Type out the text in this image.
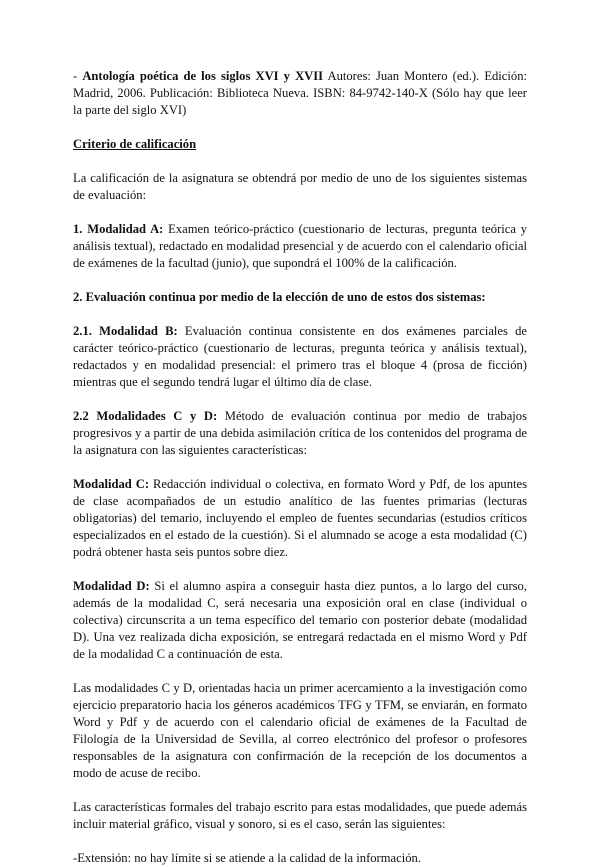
- Antología poética de los siglos XVI y XVII Autores: Juan Montero (ed.). Edición: Madrid, 2006. Publicación: Biblioteca Nueva. ISBN: 84-9742-140-X (Sólo hay que leer la parte del siglo XVI)

Criterio de calificación

La calificación de la asignatura se obtendrá por medio de uno de los siguientes sistemas de evaluación:

1. Modalidad A: Examen teórico-práctico (cuestionario de lecturas, pregunta teórica y análisis textual), redactado en modalidad presencial y de acuerdo con el calendario oficial de exámenes de la facultad (junio), que supondrá el 100% de la calificación.

2. Evaluación continua por medio de la elección de uno de estos dos sistemas:

2.1. Modalidad B: Evaluación continua consistente en dos exámenes parciales de carácter teórico-práctico (cuestionario de lecturas, pregunta teórica y análisis textual), redactados y en modalidad presencial: el primero tras el bloque 4 (prosa de ficción) mientras que el segundo tendrá lugar el último día de clase.

2.2 Modalidades C y D: Método de evaluación continua por medio de trabajos progresivos y a partir de una debida asimilación crítica de los contenidos del programa de la asignatura con las siguientes características:

Modalidad C: Redacción individual o colectiva, en formato Word y Pdf, de los apuntes de clase acompañados de un estudio analítico de las fuentes primarias (lecturas obligatorias) del temario, incluyendo el empleo de fuentes secundarias (estudios críticos especializados en el estado de la cuestión). Si el alumnado se acoge a esta modalidad (C) podrá obtener hasta seis puntos sobre diez.

Modalidad D: Si el alumno aspira a conseguir hasta diez puntos, a lo largo del curso, además de la modalidad C, será necesaria una exposición oral en clase (individual o colectiva) circunscrita a un tema específico del temario con posterior debate (modalidad D). Una vez realizada dicha exposición, se entregará redactada en el mismo Word y Pdf de la modalidad C a continuación de esta.

Las modalidades C y D, orientadas hacia un primer acercamiento a la investigación como ejercicio preparatorio hacia los géneros académicos TFG y TFM, se enviarán, en formato Word y Pdf y de acuerdo con el calendario oficial de exámenes de la Facultad de Filología de la Universidad de Sevilla, al correo electrónico del profesor o profesores responsables de la asignatura con confirmación de la recepción de los documentos a modo de acuse de recibo.

Las características formales del trabajo escrito para estas modalidades, que puede además incluir material gráfico, visual y sonoro, si es el caso, serán las siguientes:

-Extensión: no hay límite si se atiende a la calidad de la información.
